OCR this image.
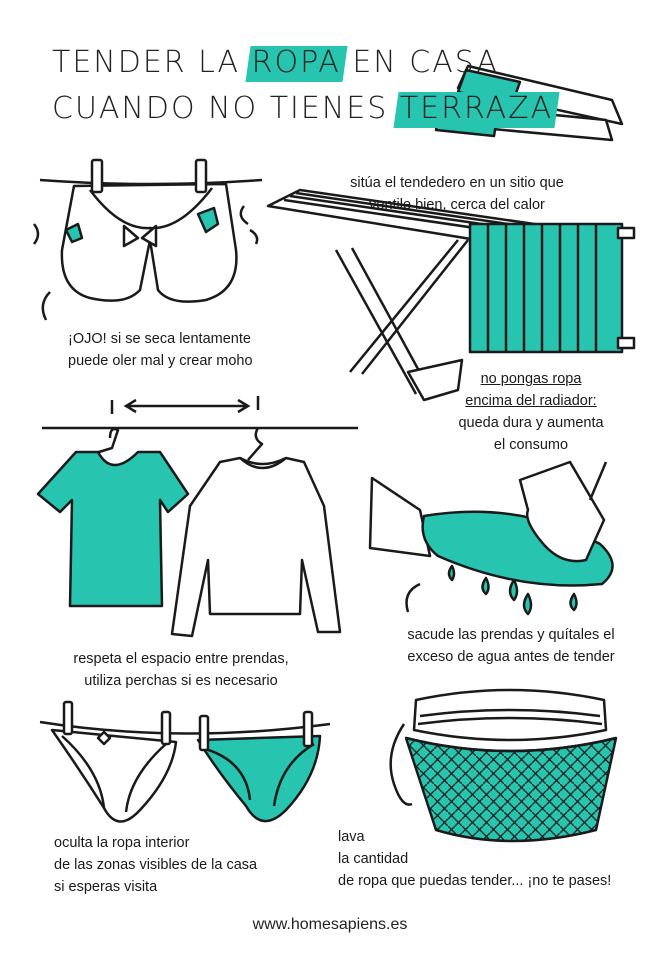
TENDER LA ROPA EN CASA
CUANDO NO TIENES TERRAZA
¡OJO! si se seca lentamente
puede oler mal y crear moho
sitúa el tendedero en un sitio que
ventile bien, cerca del calor
no pongas ropa
encima del radiador:
queda dura y aumenta
el consumo
respeta el espacio entre prendas,
utiliza perchas si es necesario
sacude las prendas y quítales el
exceso de agua antes de tender
oculta la ropa interior
de las zonas visibles de la casa
si esperas visita
lava
la cantidad
de ropa que puedas tender... ¡no te pases!
www.homesapiens.es
